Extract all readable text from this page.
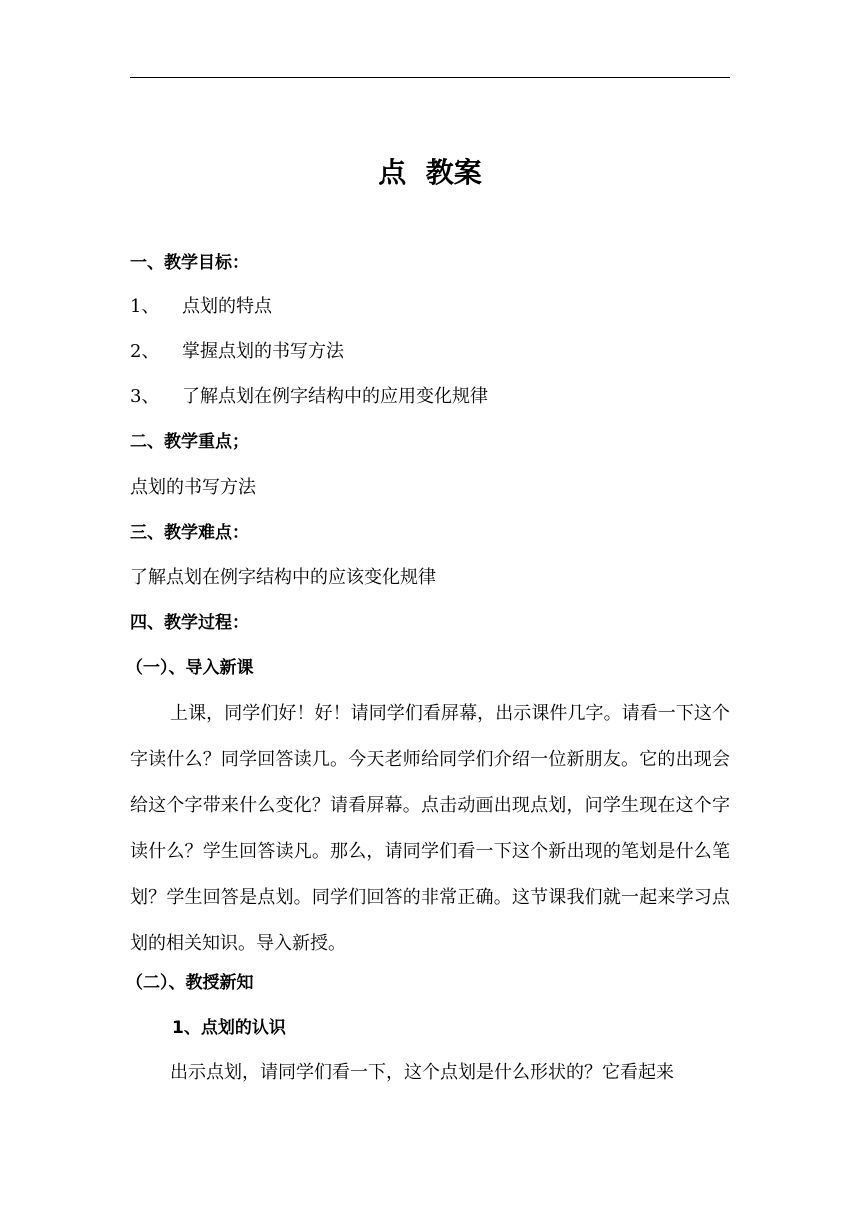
点  教案
一、教学目标：
1、 点划的特点
2、 掌握点划的书写方法
3、 了解点划在例字结构中的应用变化规律
二、教学重点；
点划的书写方法
三、教学难点：
了解点划在例字结构中的应该变化规律
四、教学过程：
（一）、导入新课
上课，同学们好！好！请同学们看屏幕，出示课件几字。请看一下这个字读什么？同学回答读几。今天老师给同学们介绍一位新朋友。它的出现会给这个字带来什么变化？请看屏幕。点击动画出现点划，问学生现在这个字读什么？学生回答读凡。那么，请同学们看一下这个新出现的笔划是什么笔划？学生回答是点划。同学们回答的非常正确。这节课我们就一起来学习点划的相关知识。导入新授。
（二）、教授新知
1、点划的认识
出示点划，请同学们看一下，这个点划是什么形状的？它看起来
